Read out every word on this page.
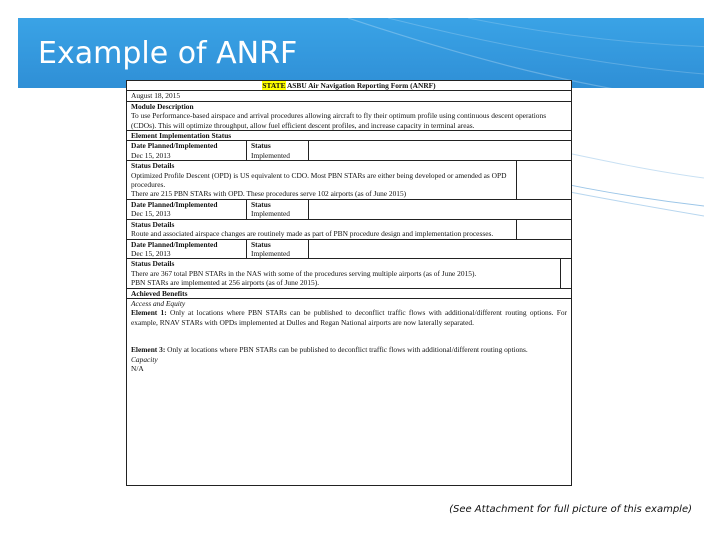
Example of ANRF
STATE ASBU Air Navigation Reporting Form (ANRF)
August 18, 2015
Module Description
To use Performance-based airspace and arrival procedures allowing aircraft to fly their optimum profile using continuous descent operations (CDOs). This will optimize throughput, allow fuel efficient descent profiles, and increase capacity in terminal areas.
Element Implementation Status
Date Planned/Implemented
Dec 15, 2013
Status
Implemented
Status Details
Optimized Profile Descent (OPD) is US equivalent to CDO. Most PBN STARs are either being developed or amended as OPD procedures.
There are 215 PBN STARs with OPD. These procedures serve 102 airports (as of June 2015)
Date Planned/Implemented
Dec 15, 2013
Status
Implemented
Status Details
Route and associated airspace changes are routinely made as part of PBN procedure design and implementation processes.
Date Planned/Implemented
Dec 15, 2013
Status
Implemented
Status Details
There are 367 total PBN STARs in the NAS with some of the procedures serving multiple airports (as of June 2015).
PBN STARs are implemented at 256 airports (as of June 2015).
Achieved Benefits
Access and Equity
Element 1: Only at locations where PBN STARs can be published to deconflict traffic flows with additional/different routing options. For example, RNAV STARs with OPDs implemented at Dulles and Regan National airports are now laterally separated.
Element 3: Only at locations where PBN STARs can be published to deconflict traffic flows with additional/different routing options.
Capacity
N/A
(See Attachment for full picture of this example)
